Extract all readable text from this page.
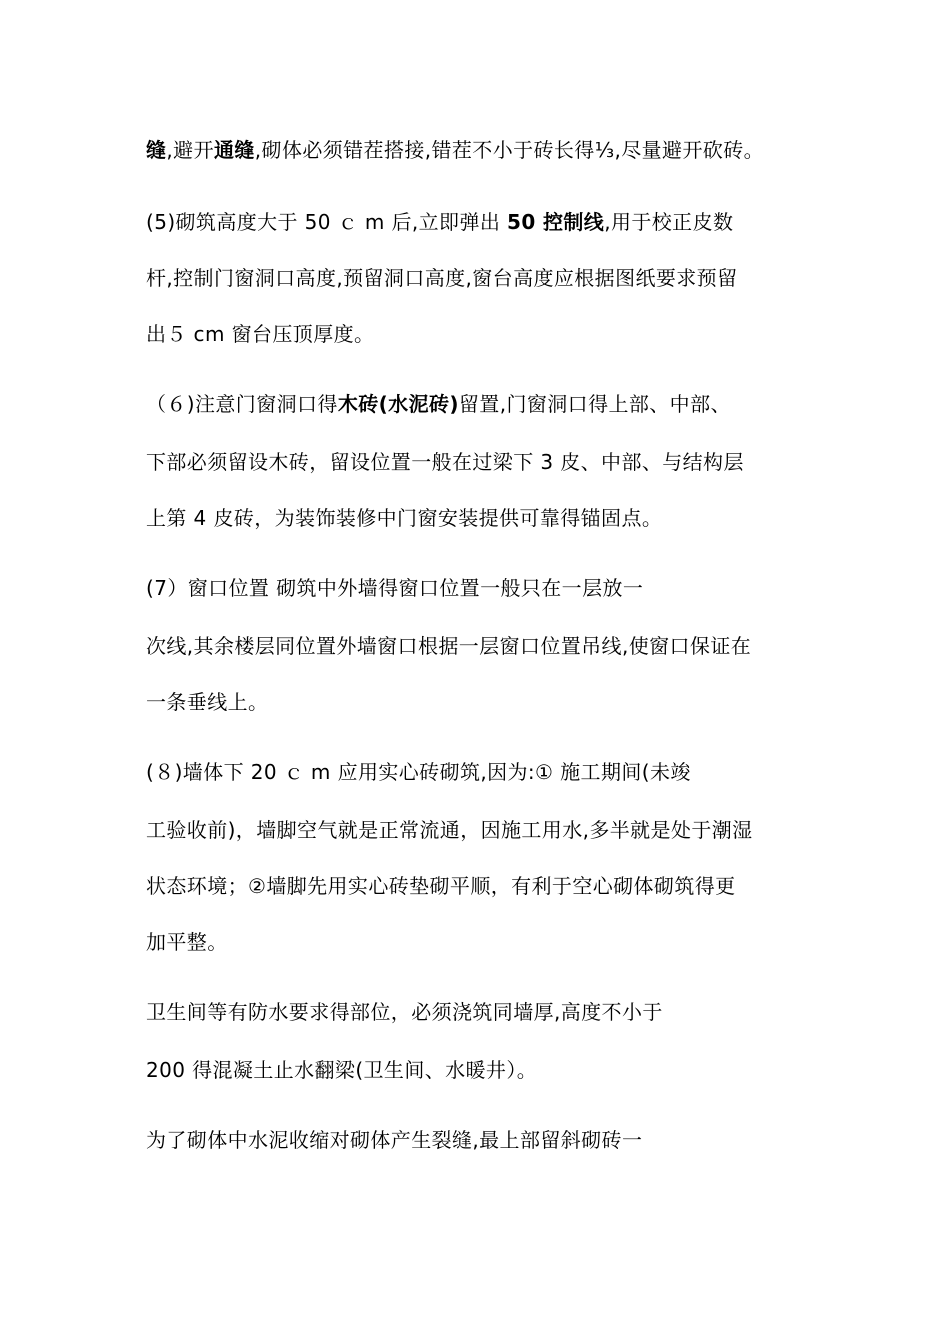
缝,避开通缝,砌体必须错茬搭接,错茬不小于砖长得⅓,尽量避开砍砖。
(5)砌筑高度大于 50 ｃ m 后,立即弹出 50 控制线,用于校正皮数
杆,控制门窗洞口高度,预留洞口高度,窗台高度应根据图纸要求预留
出５ cm 窗台压顶厚度。
（６)注意门窗洞口得木砖(水泥砖)留置,门窗洞口得上部、中部、
下部必须留设木砖，留设位置一般在过梁下 3 皮、中部、与结构层
上第 4 皮砖，为装饰装修中门窗安装提供可靠得锚固点。
(7）窗口位置 砌筑中外墙得窗口位置一般只在一层放一
次线,其余楼层同位置外墙窗口根据一层窗口位置吊线,使窗口保证在
一条垂线上。
(８)墙体下 20 ｃ m 应用实心砖砌筑,因为:① 施工期间(未竣
工验收前)，墙脚空气就是正常流通，因施工用水,多半就是处于潮湿
状态环境；②墙脚先用实心砖垫砌平顺，有利于空心砌体砌筑得更
加平整。
卫生间等有防水要求得部位，必须浇筑同墙厚,高度不小于
200 得混凝土止水翻梁(卫生间、水暖井）。
为了砌体中水泥收缩对砌体产生裂缝,最上部留斜砌砖一
